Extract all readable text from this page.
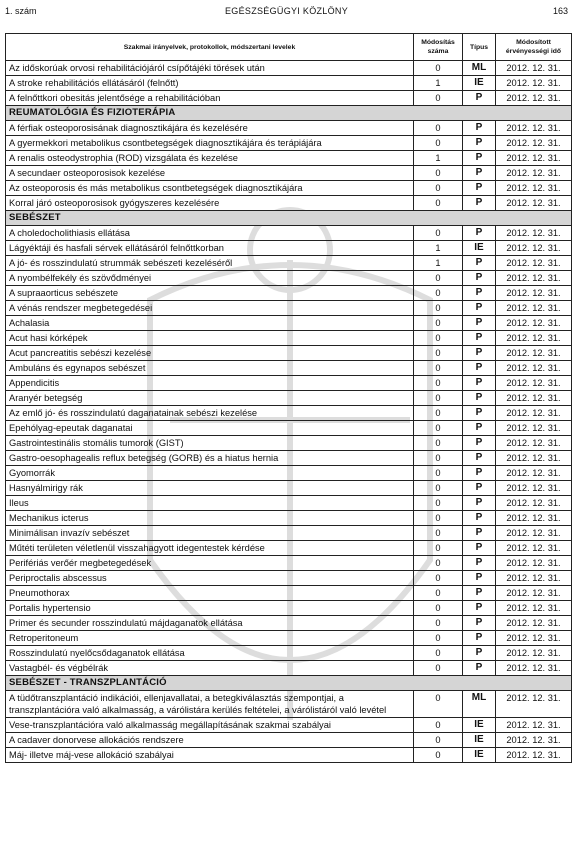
1. szám	EGÉSZSÉGÜGYI KÖZLÖNY	163
Szakmai irányelvek, protokollok, módszertani levelek	Módosítás száma	Típus	Módosított érvényességi idő
Az időskorúak orvosi rehabilitációjáról csípőtájéki törések után	0	ML	2012. 12. 31.
A stroke rehabilitációs ellátásáról (felnőtt)	1	IE	2012. 12. 31.
A felnőttkori obesitás jelentősége a rehabilitációban	0	P	2012. 12. 31.
REUMATOLÓGIA ÉS FIZIOTERÁPIA			
A férfiak osteoporosisának diagnosztikájára és kezelésére	0	P	2012. 12. 31.
A gyermekkori metabolikus csontbetegségek diagnosztikájára és terápiájára	0	P	2012. 12. 31.
A renalis osteodystrophia (ROD) vizsgálata és kezelése	1	P	2012. 12. 31.
A secundaer osteoporosisok kezelése	0	P	2012. 12. 31.
Az osteoporosis és más metabolikus csontbetegségek diagnosztikájára	0	P	2012. 12. 31.
Korral járó osteoporosisok gyógyszeres kezelésére	0	P	2012. 12. 31.
SEBÉSZET			
A choledocholithiasis ellátása	0	P	2012. 12. 31.
Lágyéktáji és hasfali sérvek ellátásáról felnőttkorban	1	IE	2012. 12. 31.
A jó- és rosszindulatú strummák sebészeti kezeléséről	1	P	2012. 12. 31.
A nyombélfekély és szövődményei	0	P	2012. 12. 31.
A supraaorticus sebészete	0	P	2012. 12. 31.
A vénás rendszer megbetegedései	0	P	2012. 12. 31.
Achalasia	0	P	2012. 12. 31.
Acut hasi kórképek	0	P	2012. 12. 31.
Acut pancreatitis sebészi kezelése	0	P	2012. 12. 31.
Ambuláns és egynapos sebészet	0	P	2012. 12. 31.
Appendicitis	0	P	2012. 12. 31.
Aranyér betegség	0	P	2012. 12. 31.
Az emlő jó- és rosszindulatú daganatainak sebészi kezelése	0	P	2012. 12. 31.
Epehólyag-epeutak daganatai	0	P	2012. 12. 31.
Gastrointestinális stomális tumorok (GIST)	0	P	2012. 12. 31.
Gastro-oesophagealis reflux betegség (GORB) és a hiatus hernia	0	P	2012. 12. 31.
Gyomorrák	0	P	2012. 12. 31.
Hasnyálmirigy rák	0	P	2012. 12. 31.
Ileus	0	P	2012. 12. 31.
Mechanikus icterus	0	P	2012. 12. 31.
Minimálisan invazív sebészet	0	P	2012. 12. 31.
Műtéti területen véletlenül visszahagyott idegentestek kérdése	0	P	2012. 12. 31.
Perifériás verőér megbetegedések	0	P	2012. 12. 31.
Periproctalis abscessus	0	P	2012. 12. 31.
Pneumothorax	0	P	2012. 12. 31.
Portalis hypertensio	0	P	2012. 12. 31.
Primer és secunder rosszindulatú májdaganatok ellátása	0	P	2012. 12. 31.
Retroperitoneum	0	P	2012. 12. 31.
Rosszindulatú nyelőcsődaganatok ellátása	0	P	2012. 12. 31.
Vastagbél- és végbélrák	0	P	2012. 12. 31.
SEBÉSZET - TRANSZPLANTÁCIÓ			
A tüdőtranszplantáció indikációi, ellenjavallatai, a betegkiválasztás szempontjai, a transzplantációra való alkalmasság, a várólistára kerülés feltételei, a várólistáról való levétel	0	ML	2012. 12. 31.
Vese-transzplantációra való alkalmasság megállapításának szakmai szabályai	0	IE	2012. 12. 31.
A cadaver donorvese allokációs rendszere	0	IE	2012. 12. 31.
Máj- illetve máj-vese allokáció szabályai	0	IE	2012. 12. 31.
